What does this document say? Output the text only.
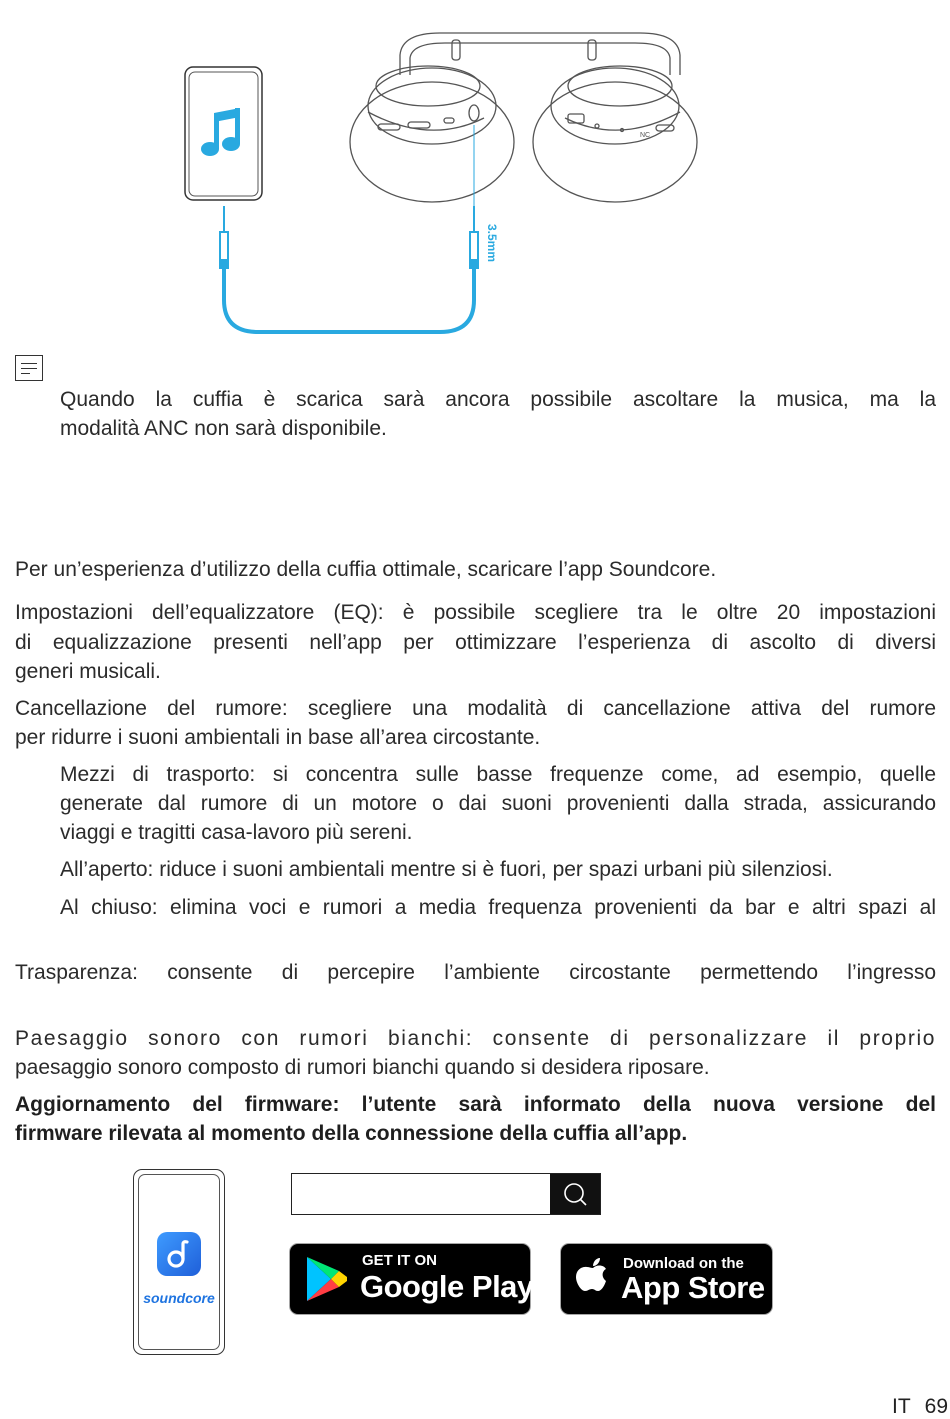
NC
3.5mm

Quando la cuffia è scarica sarà ancora possibile ascoltare la musica, ma la

modalità ANC non sarà disponibile.

Per un’esperienza d’utilizzo della cuffia ottimale, scaricare l’app Soundcore.

Impostazioni dell’equalizzatore (EQ): è possibile scegliere tra le oltre 20 impostazioni

di equalizzazione presenti nell’app per ottimizzare l’esperienza di ascolto di diversi

generi musicali.

Cancellazione del rumore: scegliere una modalità di cancellazione attiva del rumore

per ridurre i suoni ambientali in base all’area circostante.

Mezzi di trasporto: si concentra sulle basse frequenze come, ad esempio, quelle

generate dal rumore di un motore o dai suoni provenienti dalla strada, assicurando

viaggi e tragitti casa-lavoro più sereni.

All’aperto: riduce i suoni ambientali mentre si è fuori, per spazi urbani più silenziosi.

Al chiuso: elimina voci e rumori a media frequenza provenienti da bar e altri spazi al

Trasparenza: consente di percepire l’ambiente circostante permettendo l’ingresso

Paesaggio sonoro con rumori bianchi: consente di personalizzare il proprio

paesaggio sonoro composto di rumori bianchi quando si desidera riposare.

Aggiornamento del firmware: l’utente sarà informato della nuova versione del

firmware rilevata al momento della connessione della cuffia all’app.

soundcore
GET IT ON
Google Play
Download on the
App Store
IT 69
